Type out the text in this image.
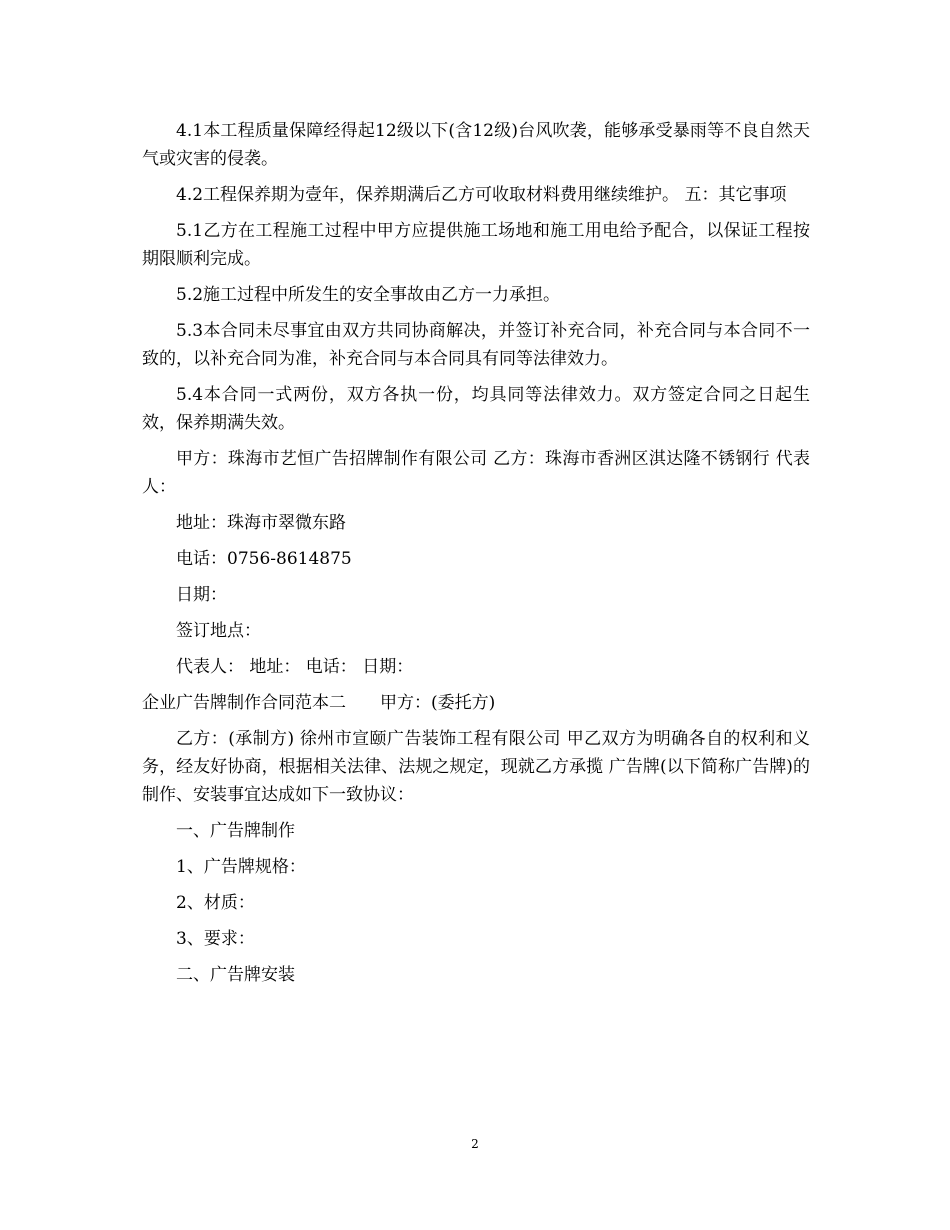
4.1本工程质量保障经得起12级以下(含12级)台风吹袭，能够承受暴雨等不良自然天气或灾害的侵袭。

4.2工程保养期为壹年，保养期满后乙方可收取材料费用继续维护。 五：其它事项

5.1乙方在工程施工过程中甲方应提供施工场地和施工用电给予配合，以保证工程按期限顺利完成。

5.2施工过程中所发生的安全事故由乙方一力承担。

5.3本合同未尽事宜由双方共同协商解决，并签订补充合同，补充合同与本合同不一致的，以补充合同为准，补充合同与本合同具有同等法律效力。

5.4本合同一式两份，双方各执一份，均具同等法律效力。双方签定合同之日起生效，保养期满失效。

甲方：珠海市艺恒广告招牌制作有限公司 乙方：珠海市香洲区淇达隆不锈钢行 代表人：

地址：珠海市翠微东路

电话：0756-8614875

日期：

签订地点：

代表人： 地址： 电话： 日期：

企业广告牌制作合同范本二　　甲方：(委托方)

乙方：(承制方) 徐州市宣颐广告装饰工程有限公司 甲乙双方为明确各自的权利和义务，经友好协商，根据相关法律、法规之规定，现就乙方承揽 广告牌(以下简称广告牌)的制作、安装事宜达成如下一致协议：

一、广告牌制作

1、广告牌规格：

2、材质：

3、要求：

二、广告牌安装

2
